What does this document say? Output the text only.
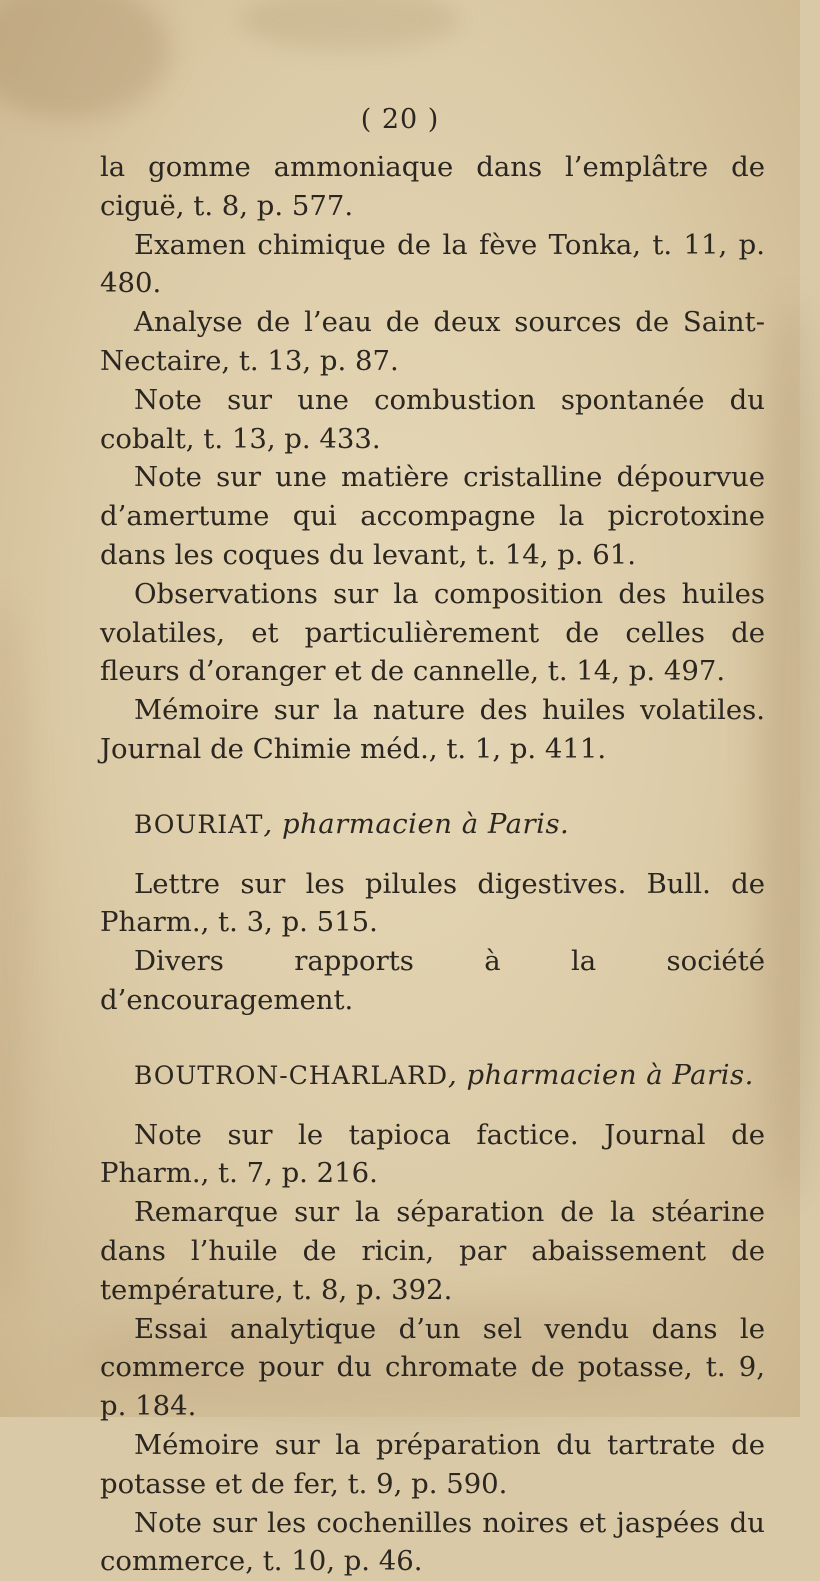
( 20 )

la gomme ammoniaque dans l’emplâtre de ciguë, t. 8, p. 577.

Examen chimique de la fève Tonka, t. 11, p. 480.

Analyse de l’eau de deux sources de Saint-Nectaire, t. 13, p. 87.

Note sur une combustion spontanée du cobalt, t. 13, p. 433.

Note sur une matière cristalline dépourvue d’amertume qui accompagne la picrotoxine dans les coques du levant, t. 14, p. 61.

Observations sur la composition des huiles volatiles, et particulièrement de celles de fleurs d’oranger et de cannelle, t. 14, p. 497.

Mémoire sur la nature des huiles volatiles. Journal de Chimie méd., t. 1, p. 411.

BOURIAT, pharmacien à Paris.

Lettre sur les pilules digestives. Bull. de Pharm., t. 3, p. 515.

Divers rapports à la société d’encouragement.

BOUTRON-CHARLARD, pharmacien à Paris.

Note sur le tapioca factice. Journal de Pharm., t. 7, p. 216.

Remarque sur la séparation de la stéarine dans l’huile de ricin, par abaissement de température, t. 8, p. 392.

Essai analytique d’un sel vendu dans le commerce pour du chromate de potasse, t. 9, p. 184.

Mémoire sur la préparation du tartrate de potasse et de fer, t. 9, p. 590.

Note sur les cochenilles noires et jaspées du commerce, t. 10, p. 46.
